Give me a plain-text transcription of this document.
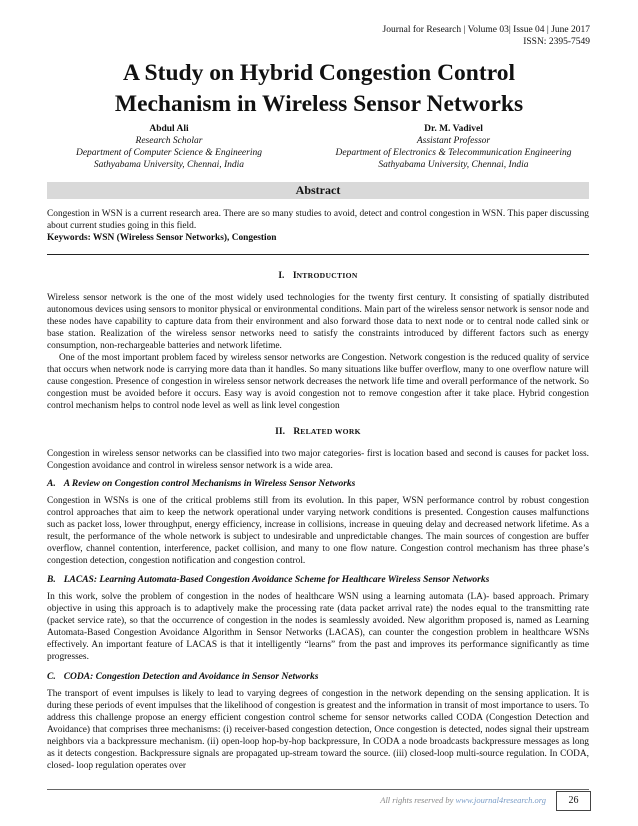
Journal for Research | Volume 03| Issue 04 | June 2017
ISSN: 2395-7549
A Study on Hybrid Congestion Control
Mechanism in Wireless Sensor Networks
Abdul Ali
Research Scholar
Department of Computer Science & Engineering
Sathyabama University, Chennai, India
Dr. M. Vadivel
Assistant Professor
Department of Electronics & Telecommunication Engineering
Sathyabama University, Chennai, India
Abstract

Congestion in WSN is a current research area. There are so many studies to avoid, detect and control congestion in WSN. This paper discussing about current studies going in this field.

Keywords: WSN (Wireless Sensor Networks), Congestion

I. INTRODUCTION

Wireless sensor network is the one of the most widely used technologies for the twenty first century. It consisting of spatially distributed autonomous devices using sensors to monitor physical or environmental conditions. Main part of the wireless sensor network is sensor node and these nodes have capability to capture data from their environment and also forward those data to next node or to central node called sink or base station. Realization of the wireless sensor networks need to satisfy the constraints introduced by different factors such as energy consumption, non-rechargeable batteries and network lifetime.

One of the most important problem faced by wireless sensor networks are Congestion. Network congestion is the reduced quality of service that occurs when network node is carrying more data than it handles. So many situations like buffer overflow, many to one overflow nature will cause congestion. Presence of congestion in wireless sensor network decreases the network life time and overall performance of the network. So congestion must be avoided before it occurs. Easy way is avoid congestion not to remove congestion after it take place. Hybrid congestion control mechanism helps to control node level as well as link level congestion

II. RELATED WORK

Congestion in wireless sensor networks can be classified into two major categories- first is location based and second is causes for packet loss. Congestion avoidance and control in wireless sensor network is a wide area.

A. A Review on Congestion control Mechanisms in Wireless Sensor Networks

Congestion in WSNs is one of the critical problems still from its evolution. In this paper, WSN performance control by robust congestion control approaches that aim to keep the network operational under varying network conditions is presented. Congestion causes malfunctions such as packet loss, lower throughput, energy efficiency, increase in collisions, increase in queuing delay and decreased network lifetime. As a result, the performance of the whole network is subject to undesirable and unpredictable changes. The main sources of congestion are buffer overflow, channel contention, interference, packet collision, and many to one flow nature. Congestion control mechanism has three phase’s congestion detection, congestion notification and congestion control.

B. LACAS: Learning Automata-Based Congestion Avoidance Scheme for Healthcare Wireless Sensor Networks

In this work, solve the problem of congestion in the nodes of healthcare WSN using a learning automata (LA)- based approach. Primary objective in using this approach is to adaptively make the processing rate (data packet arrival rate) the nodes equal to the transmitting rate (packet service rate), so that the occurrence of congestion in the nodes is seamlessly avoided. New algorithm proposed is, named as Learning Automata-Based Congestion Avoidance Algorithm in Sensor Networks (LACAS), can counter the congestion problem in healthcare WSNs effectively. An important feature of LACAS is that it intelligently “learns” from the past and improves its performance significantly as time progresses.

C. CODA: Congestion Detection and Avoidance in Sensor Networks

The transport of event impulses is likely to lead to varying degrees of congestion in the network depending on the sensing application. It is during these periods of event impulses that the likelihood of congestion is greatest and the information in transit of most importance to users. To address this challenge propose an energy efficient congestion control scheme for sensor networks called CODA (Congestion Detection and Avoidance) that comprises three mechanisms: (i) receiver-based congestion detection, Once congestion is detected, nodes signal their upstream neighbors via a backpressure mechanism. (ii) open-loop hop-by-hop backpressure, In CODA a node broadcasts backpressure messages as long as it detects congestion. Backpressure signals are propagated up-stream toward the source. (iii) closed-loop multi-source regulation. In CODA, closed- loop regulation operates over

All rights reserved by www.journal4research.org	26
